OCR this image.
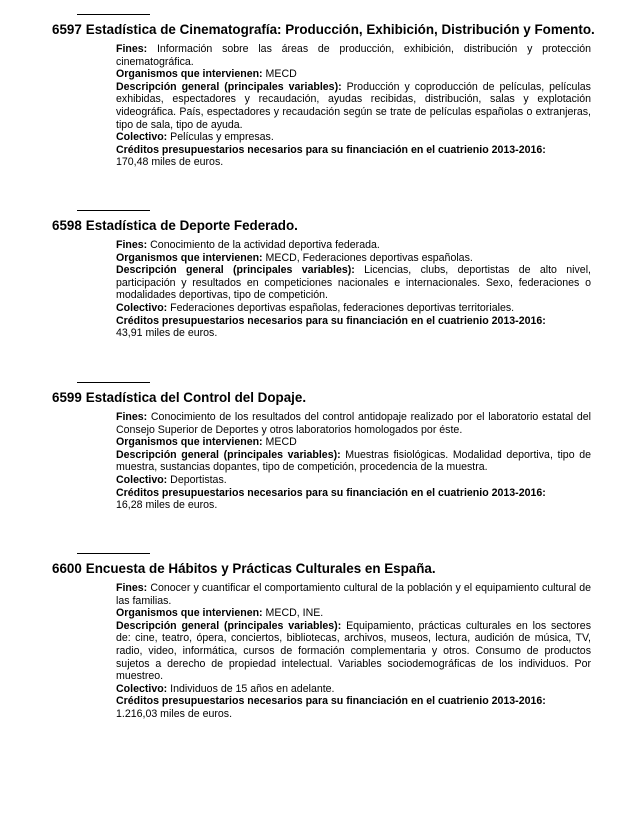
6597 Estadística de Cinematografía: Producción, Exhibición, Distribución y Fomento.

Fines: Información sobre las áreas de producción, exhibición, distribución y protección cinematográfica.

Organismos que intervienen: MECD

Descripción general (principales variables): Producción y coproducción de películas, películas exhibidas, espectadores y recaudación, ayudas recibidas, distribución, salas y explotación videográfica. País, espectadores y recaudación según se trate de películas españolas o extranjeras, tipo de sala, tipo de ayuda.

Colectivo: Películas y empresas.

Créditos presupuestarios necesarios para su financiación en el cuatrienio 2013-2016:

170,48 miles de euros.

6598 Estadística de Deporte Federado.

Fines: Conocimiento de la actividad deportiva federada.

Organismos que intervienen: MECD, Federaciones deportivas españolas.

Descripción general (principales variables): Licencias, clubs, deportistas de alto nivel, participación y resultados en competiciones nacionales e internacionales. Sexo, federaciones o modalidades deportivas, tipo de competición.

Colectivo: Federaciones deportivas españolas, federaciones deportivas territoriales.

Créditos presupuestarios necesarios para su financiación en el cuatrienio 2013-2016:

43,91 miles de euros.

6599 Estadística del Control del Dopaje.

Fines: Conocimiento de los resultados del control antidopaje realizado por el laboratorio estatal del Consejo Superior de Deportes y otros laboratorios homologados por éste.

Organismos que intervienen: MECD

Descripción general (principales variables): Muestras fisiológicas. Modalidad deportiva, tipo de muestra, sustancias dopantes, tipo de competición, procedencia de la muestra.

Colectivo: Deportistas.

Créditos presupuestarios necesarios para su financiación en el cuatrienio 2013-2016:

16,28 miles de euros.

6600 Encuesta de Hábitos y Prácticas Culturales en España.

Fines: Conocer y cuantificar el comportamiento cultural de la población y el equipamiento cultural de las familias.

Organismos que intervienen: MECD, INE.

Descripción general (principales variables): Equipamiento, prácticas culturales en los sectores de: cine, teatro, ópera, conciertos, bibliotecas, archivos, museos, lectura, audición de música, TV, radio, video, informática, cursos de formación complementaria y otros. Consumo de productos sujetos a derecho de propiedad intelectual. Variables sociodemográficas de los individuos. Por muestreo.

Colectivo: Individuos de 15 años en adelante.

Créditos presupuestarios necesarios para su financiación en el cuatrienio 2013-2016:

1.216,03 miles de euros.
